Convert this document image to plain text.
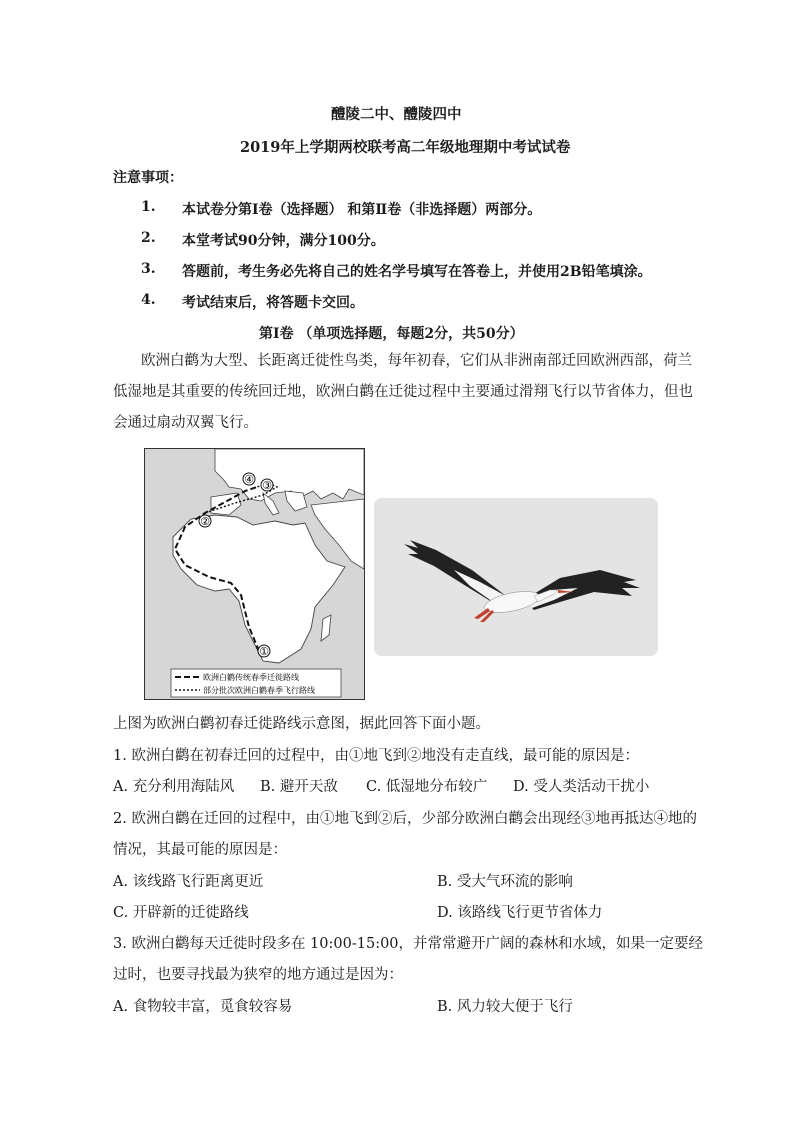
醴陵二中、醴陵四中
2019年上学期两校联考高二年级地理期中考试试卷
注意事项：
1. 本试卷分第Ⅰ卷（选择题） 和第Ⅱ卷（非选择题）两部分。
2. 本堂考试90分钟，满分100分。
3. 答题前，考生务必先将自己的姓名学号填写在答卷上，并使用2B铅笔填涂。
4. 考试结束后，将答题卡交回。
第Ⅰ卷 （单项选择题，每题2分，共50分）
欧洲白鹳为大型、长距离迁徙性鸟类，每年初春，它们从非洲南部迁回欧洲西部，荷兰
低湿地是其重要的传统回迁地，欧洲白鹳在迁徙过程中主要通过滑翔飞行以节省体力，但也
会通过扇动双翼飞行。
①
②
③
④
欧洲白鹳传统春季迁徙路线
部分批次欧洲白鹳春季飞行路线
上图为欧洲白鹳初春迁徙路线示意图，据此回答下面小题。
1. 欧洲白鹳在初春迁回的过程中，由①地飞到②地没有走直线，最可能的原因是：
A. 充分利用海陆风 B. 避开天敌 C. 低湿地分布较广 D. 受人类活动干扰小
2. 欧洲白鹳在迁回的过程中，由①地飞到②后，少部分欧洲白鹳会出现经③地再抵达④地的
情况，其最可能的原因是：
A. 该线路飞行距离更近	B. 受大气环流的影响
C. 开辟新的迁徙路线	D. 该路线飞行更节省体力
3. 欧洲白鹳每天迁徙时段多在 10:00-15:00，并常常避开广阔的森林和水域，如果一定要经
过时，也要寻找最为狭窄的地方通过是因为：
A. 食物较丰富，觅食较容易	B. 风力较大便于飞行
